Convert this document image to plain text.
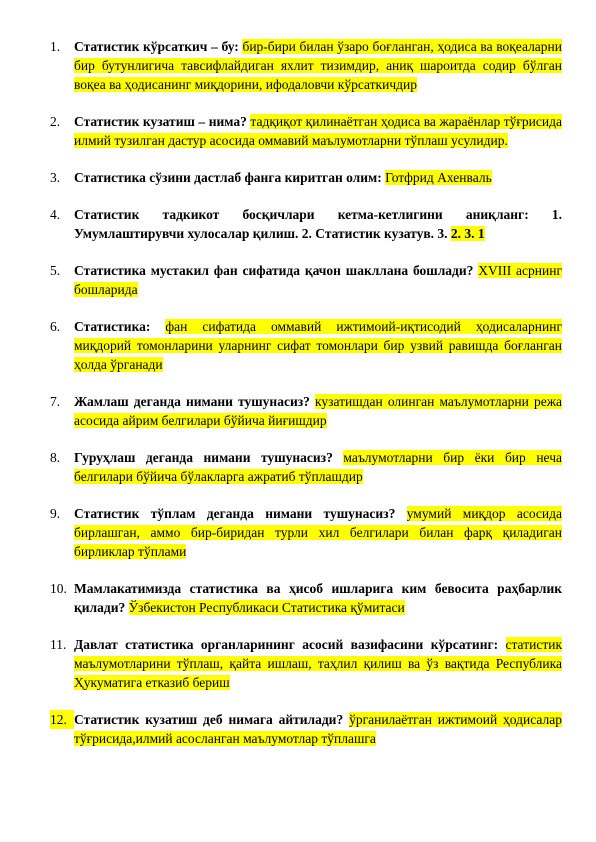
1.	Статистик кўрсаткич – бу: бир-бири билан ўзаро боғланган, ҳодиса ва воқеаларни бир бутунлигича тавсифлайдиган яхлит тизимдир, аниқ шароитда содир бўлган воқеа ва ҳодисанинг миқдорини, ифодаловчи кўрсаткичдир
2.	Статистик кузатиш – нима? тадқиқот қилинаётган ҳодиса ва жараёнлар тўғрисида илмий тузилган дастур асосида оммавий маълумотларни тўплаш усулидир.
3.	Статистика сўзини дастлаб фанга киритган олим: Готфрид Ахенваль
4.	Статистик тадкикот босқичлари кетма-кетлигини аниқланг: 1. Умумлаштирувчи хулосалар қилиш. 2. Статистик кузатув. 3. 2. 3. 1
5.	Статистика мустакил фан сифатида қачон шакллана бошлади? XVIII асрнинг бошларида
6.	Статистика: фан сифатида оммавий ижтимоий-иқтисодий ҳодисаларнинг миқдорий томонларини уларнинг сифат томонлари бир узвий равишда боғланган ҳолда ўрганади
7.	Жамлаш деганда нимани тушунасиз? кузатишдан олинган маълумотларни режа асосида айрим белгилари бўйича йиғишдир
8.	Гуруҳлаш деганда нимани тушунасиз? маълумотларни бир ёки бир неча белгилари бўйича бўлакларга ажратиб тўплашдир
9.	Статистик тўплам деганда нимани тушунасиз? умумий миқдор асосида бирлашган, аммо бир-биридан турли хил белгилари билан фарқ қиладиган бирликлар тўплами
10. Мамлакатимизда статистика ва ҳисоб ишларига ким бевосита раҳбарлик қилади? Ўзбекистон Республикаси Статистика қўмитаси
11. Давлат статистика органларининг асосий вазифасини кўрсатинг: статистик маълумотларини тўплаш, қайта ишлаш, таҳлил қилиш ва ўз вақтида Республика Ҳукуматига етказиб бериш
12. Статистик кузатиш деб нимага айтилади? ўрганилаётган ижтимоий ҳодисалар тўғрисида,илмий асосланган маълумотлар тўплашга
